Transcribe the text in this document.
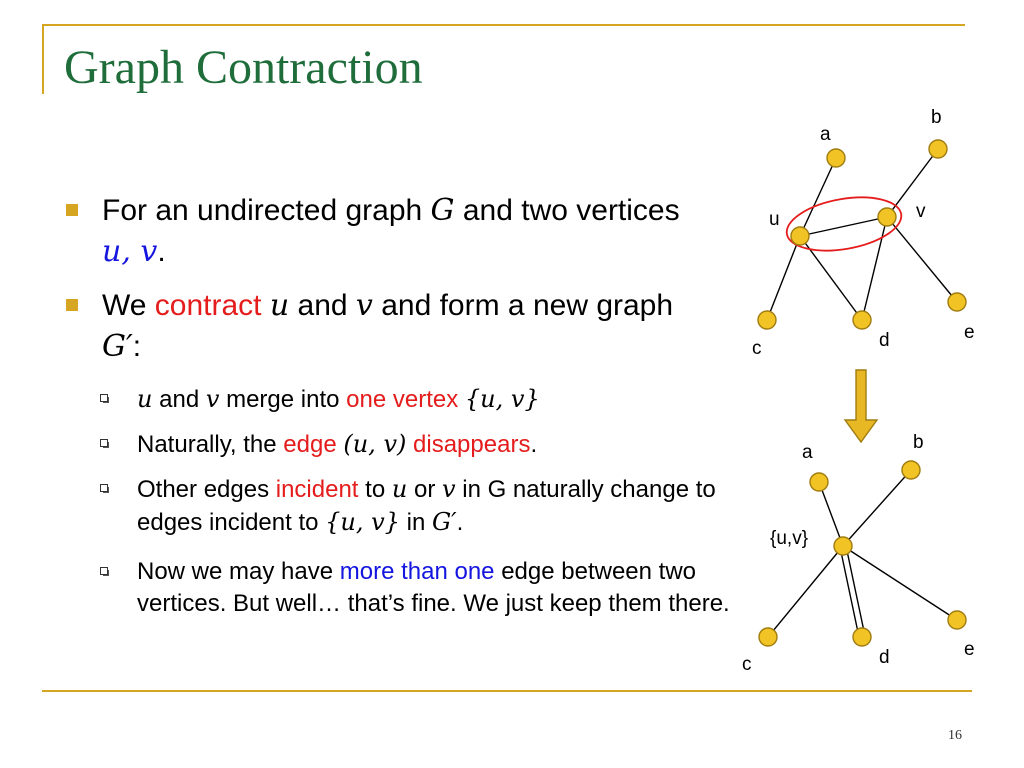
Graph Contraction
For an undirected graph G and two vertices u, v.
We contract u and v and form a new graph G′:
u and v merge into one vertex {u, v}
Naturally, the edge (u, v) disappears.
Other edges incident to u or v in G naturally change to edges incident to {u, v} in G′.
Now we may have more than one edge between two vertices. But well… that’s fine. We just keep them there.
a
b
u	v
c	d	e
a	b
{u,v}
c	d	e
16
